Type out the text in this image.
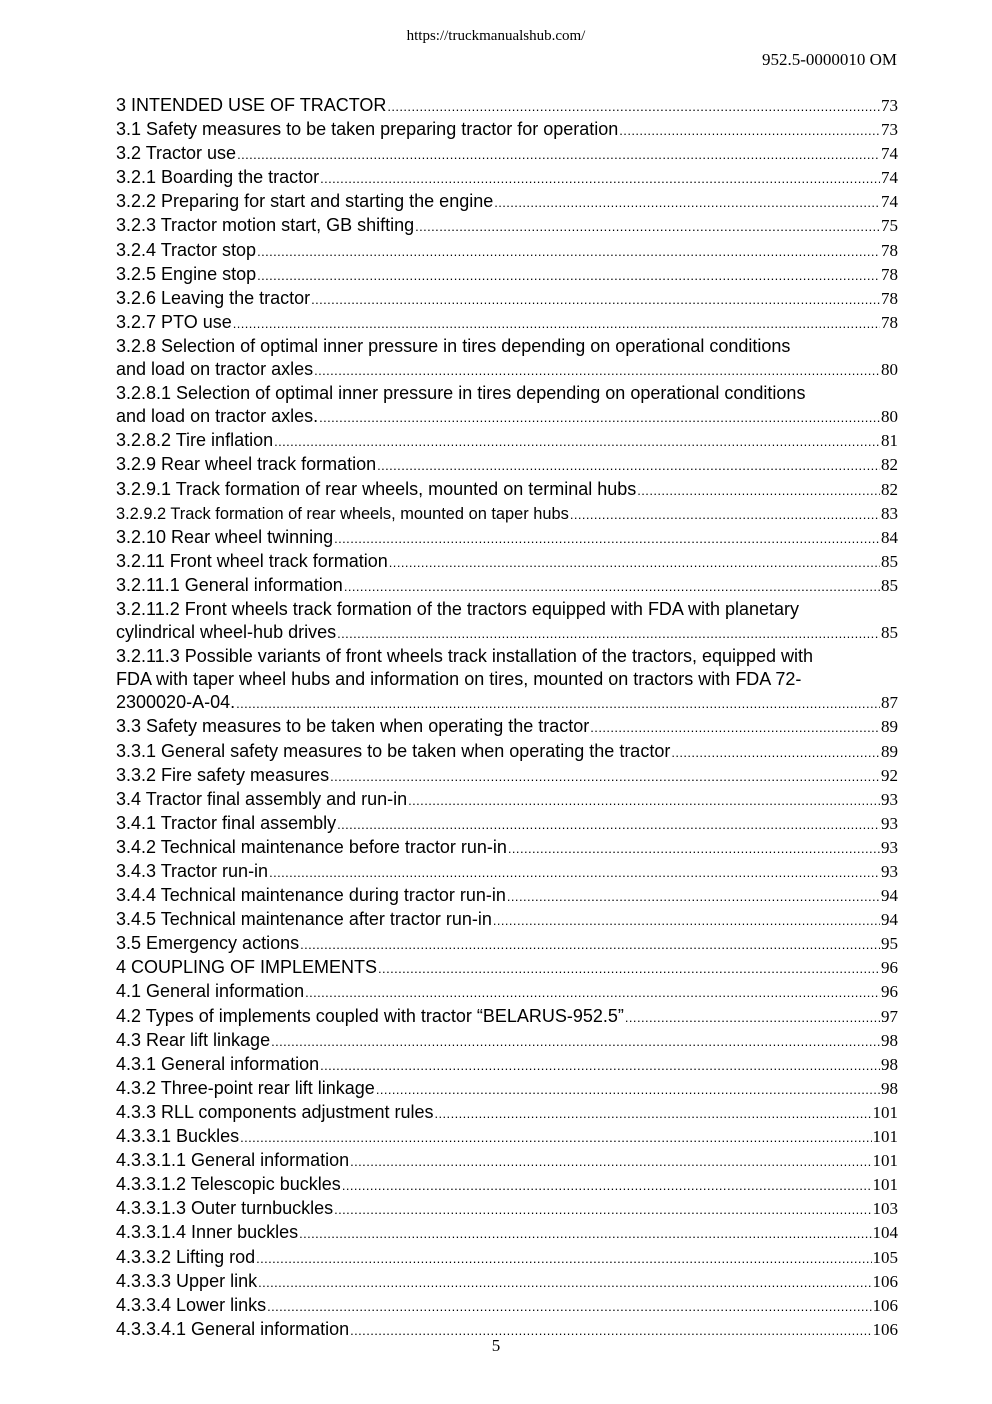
https://truckmanualshub.com/
952.5-0000010 OM
3 INTENDED USE OF TRACTOR .....	73
3.1 Safety measures to be taken preparing tractor for operation .....	73
3.2 Tractor use .....	74
3.2.1 Boarding the tractor .....	74
3.2.2 Preparing for start and starting the engine .....	74
3.2.3 Tractor motion start, GB shifting .....	75
3.2.4 Tractor stop .....	78
3.2.5 Engine stop .....	78
3.2.6 Leaving the tractor .....	78
3.2.7 PTO use .....	78
3.2.8 Selection of optimal inner pressure in tires depending on operational conditions
and load on tractor axles .....	80
3.2.8.1 Selection of optimal inner pressure in tires depending on operational conditions
and load on tractor axles. .....	80
3.2.8.2 Tire inflation .....	81
3.2.9 Rear wheel track formation .....	82
3.2.9.1 Track formation of rear wheels, mounted on terminal hubs .....	82
3.2.9.2 Track formation of rear wheels, mounted on taper hubs .....	83
3.2.10 Rear wheel twinning .....	84
3.2.11 Front wheel track formation .....	85
3.2.11.1 General information .....	85
3.2.11.2 Front wheels track formation of the tractors equipped with FDA with planetary
cylindrical wheel-hub drives .....	85
3.2.11.3 Possible variants of front wheels track installation of the tractors, equipped with
FDA with taper wheel hubs and information on tires, mounted on tractors with FDA 72-
2300020-A-04. .....	87
3.3 Safety measures to be taken when operating the tractor .....	89
3.3.1 General safety measures to be taken when operating the tractor .....	89
3.3.2 Fire safety measures .....	92
3.4 Tractor final assembly and run-in .....	93
3.4.1 Tractor final assembly .....	93
3.4.2 Technical maintenance before tractor run-in .....	93
3.4.3 Tractor run-in .....	93
3.4.4 Technical maintenance during tractor run-in .....	94
3.4.5 Technical maintenance after tractor run-in .....	94
3.5 Emergency actions .....	95
4 COUPLING OF IMPLEMENTS .....	96
4.1 General information .....	96
4.2 Types of implements coupled with tractor “BELARUS-952.5” .....	97
4.3 Rear lift linkage .....	98
4.3.1 General information .....	98
4.3.2 Three-point rear lift linkage .....	98
4.3.3 RLL components adjustment rules .....	101
4.3.3.1 Buckles .....	101
4.3.3.1.1 General information .....	101
4.3.3.1.2 Telescopic buckles .....	101
4.3.3.1.3 Outer turnbuckles .....	103
4.3.3.1.4 Inner buckles .....	104
4.3.3.2 Lifting rod .....	105
4.3.3.3 Upper link .....	106
4.3.3.4 Lower links .....	106
4.3.3.4.1 General information .....	106
5
